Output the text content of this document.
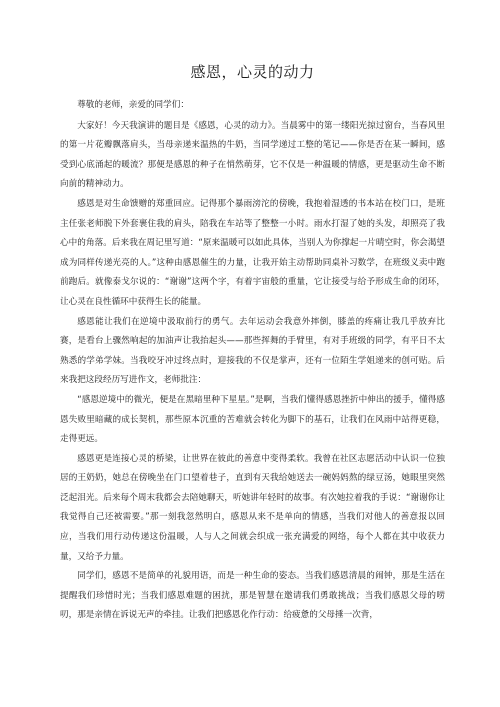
感恩，心灵的动力

尊敬的老师，亲爱的同学们：

大家好！今天我演讲的题目是《感恩，心灵的动力》。当晨雾中的第一缕阳光掠过窗台，当春风里的第一片花瓣飘落肩头，当母亲递来温热的牛奶，当同学递过工整的笔记——你是否在某一瞬间，感受到心底涌起的暖流？那便是感恩的种子在悄然萌芽，它不仅是一种温暖的情感，更是驱动生命不断向前的精神动力。

感恩是对生命馈赠的郑重回应。记得那个暴雨滂沱的傍晚，我抱着湿透的书本站在校门口，是班主任张老师脱下外套裹住我的肩头，陪我在车站等了整整一小时。雨水打湿了她的头发，却照亮了我心中的角落。后来我在周记里写道：“原来温暖可以如此具体，当别人为你撑起一片晴空时，你会渴望成为同样传递光亮的人。”这种由感恩催生的力量，让我开始主动帮助同桌补习数学，在班级义卖中跑前跑后。就像泰戈尔说的：“谢谢”这两个字，有着宇宙般的重量，它让接受与给予形成生命的闭环，让心灵在良性循环中获得生长的能量。

感恩能让我们在逆境中汲取前行的勇气。去年运动会我意外摔倒，膝盖的疼痛让我几乎放弃比赛，是看台上骤然响起的加油声让我抬起头——那些挥舞的手臂里，有对手班级的同学，有平日不太熟悉的学弟学妹。当我咬牙冲过终点时，迎接我的不仅是掌声，还有一位陌生学姐递来的创可贴。后来我把这段经历写进作文，老师批注：

“感恩逆境中的微光，便是在黑暗里种下星星。”是啊，当我们懂得感恩挫折中伸出的援手，懂得感恩失败里暗藏的成长契机，那些原本沉重的苦难就会转化为脚下的基石，让我们在风雨中站得更稳，走得更远。

感恩更是连接心灵的桥梁，让世界在彼此的善意中变得柔软。我曾在社区志愿活动中认识一位独居的王奶奶，她总在傍晚坐在门口望着巷子，直到有天我给她送去一碗妈妈熬的绿豆汤，她眼里突然泛起泪光。后来每个周末我都会去陪她聊天，听她讲年轻时的故事。有次她拉着我的手说：“谢谢你让我觉得自己还被需要。”那一刻我忽然明白，感恩从来不是单向的情感，当我们对他人的善意报以回应，当我们用行动传递这份温暖，人与人之间就会织成一张充满爱的网络，每个人都在其中收获力量，又给予力量。

同学们，感恩不是简单的礼貌用语，而是一种生命的姿态。当我们感恩清晨的闹钟，那是生活在提醒我们珍惜时光；当我们感恩难题的困扰，那是智慧在邀请我们勇敢挑战；当我们感恩父母的唠叨，那是亲情在诉说无声的牵挂。让我们把感恩化作行动：给疲惫的父母捶一次背，
